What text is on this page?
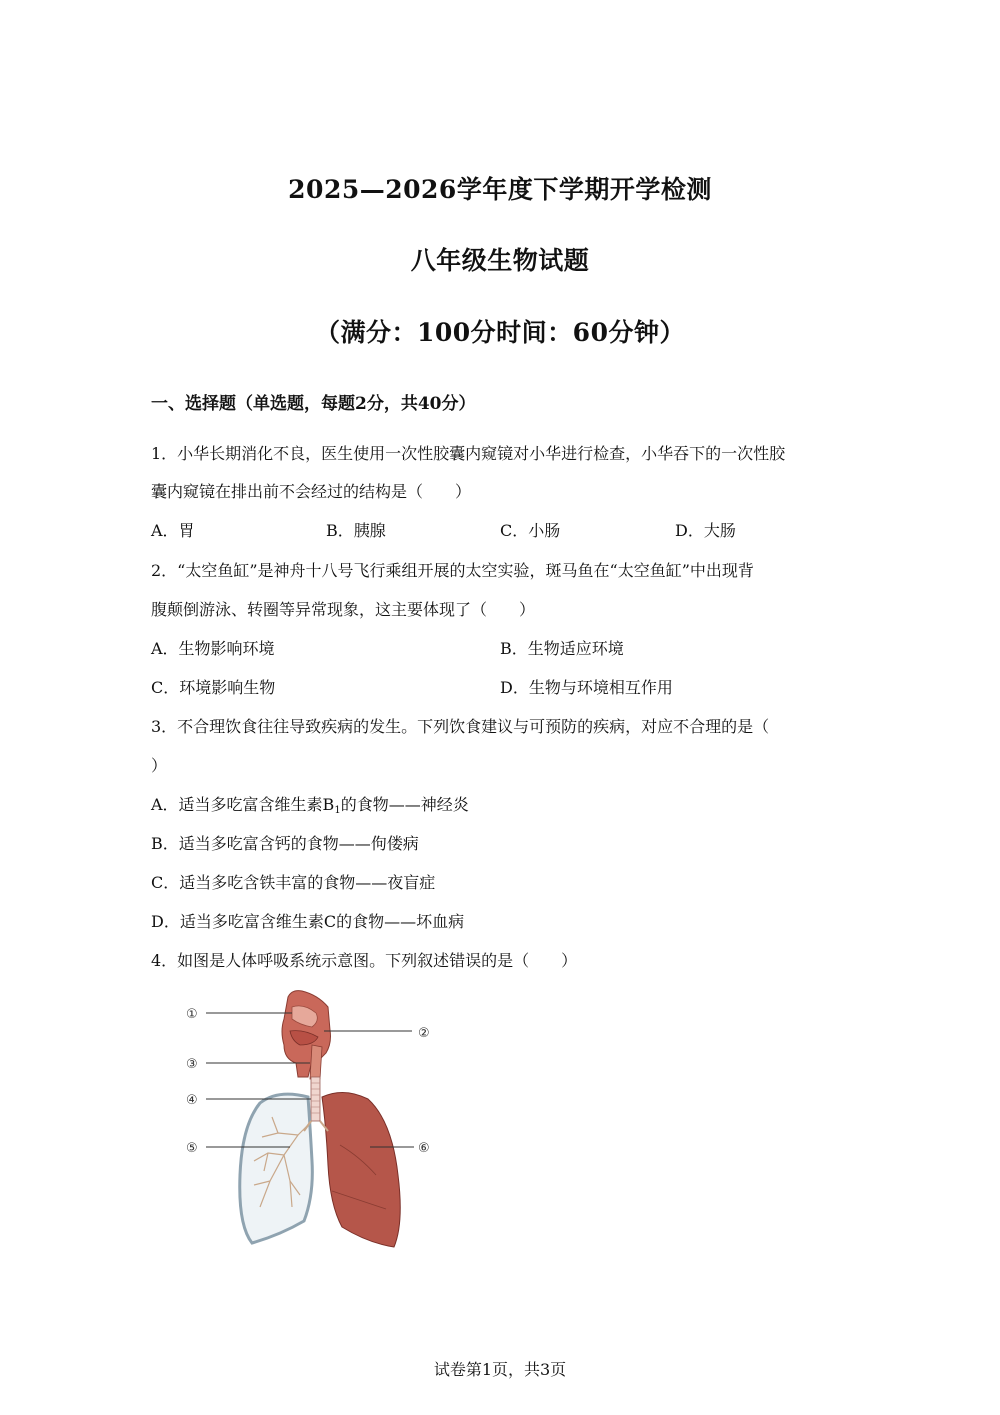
2025—2026学年度下学期开学检测
八年级生物试题
（满分：100分时间：60分钟）
一、选择题（单选题，每题2分，共40分）
1．小华长期消化不良，医生使用一次性胶囊内窥镜对小华进行检查，小华吞下的一次性胶
囊内窥镜在排出前不会经过的结构是（　　）
A．胃	B．胰腺	C．小肠	D．大肠
2．“太空鱼缸”是神舟十八号飞行乘组开展的太空实验，斑马鱼在“太空鱼缸”中出现背
腹颠倒游泳、转圈等异常现象，这主要体现了（　　）
A．生物影响环境	B．生物适应环境
C．环境影响生物	D．生物与环境相互作用
3．不合理饮食往往导致疾病的发生。下列饮食建议与可预防的疾病，对应不合理的是（
）
A．适当多吃富含维生素$B_1$的食物——神经炎
B．适当多吃富含钙的食物——佝偻病
C．适当多吃含铁丰富的食物——夜盲症
D．适当多吃富含维生素C的食物——坏血病
4．如图是人体呼吸系统示意图。下列叙述错误的是（　　）
①
②
③
④
⑤	⑥
试卷第1页，共3页
